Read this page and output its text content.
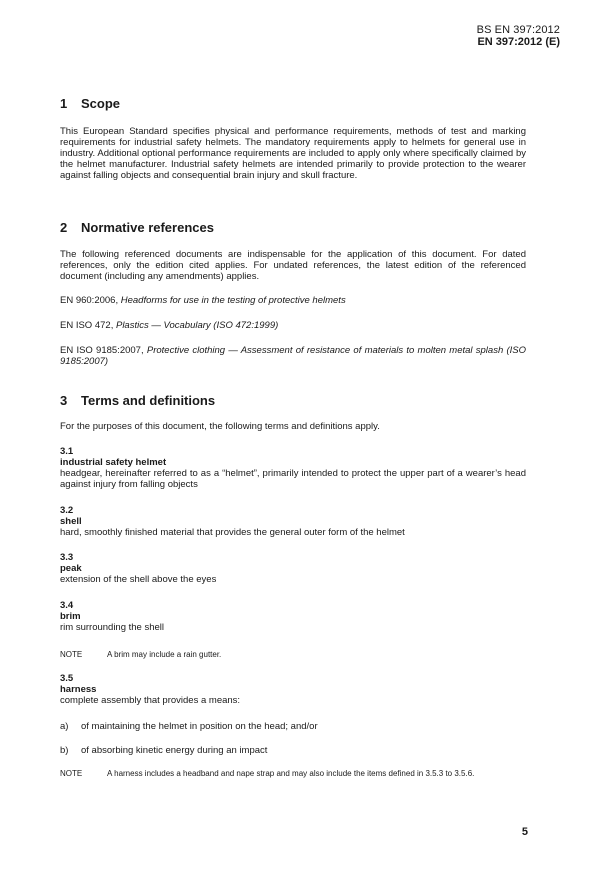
BS EN 397:2012
EN 397:2012 (E)
1 Scope
This European Standard specifies physical and performance requirements, methods of test and marking requirements for industrial safety helmets. The mandatory requirements apply to helmets for general use in industry. Additional optional performance requirements are included to apply only where specifically claimed by the helmet manufacturer. Industrial safety helmets are intended primarily to provide protection to the wearer against falling objects and consequential brain injury and skull fracture.
2 Normative references
The following referenced documents are indispensable for the application of this document. For dated references, only the edition cited applies. For undated references, the latest edition of the referenced document (including any amendments) applies.
EN 960:2006, Headforms for use in the testing of protective helmets
EN ISO 472, Plastics — Vocabulary (ISO 472:1999)
EN ISO 9185:2007, Protective clothing — Assessment of resistance of materials to molten metal splash (ISO 9185:2007)
3 Terms and definitions
For the purposes of this document, the following terms and definitions apply.
3.1
industrial safety helmet
headgear, hereinafter referred to as a “helmet”, primarily intended to protect the upper part of a wearer’s head against injury from falling objects
3.2
shell
hard, smoothly finished material that provides the general outer form of the helmet
3.3
peak
extension of the shell above the eyes
3.4
brim
rim surrounding the shell
NOTE	A brim may include a rain gutter.
3.5
harness
complete assembly that provides a means:
a) of maintaining the helmet in position on the head; and/or
b) of absorbing kinetic energy during an impact
NOTE	A harness includes a headband and nape strap and may also include the items defined in 3.5.3 to 3.5.6.
5
